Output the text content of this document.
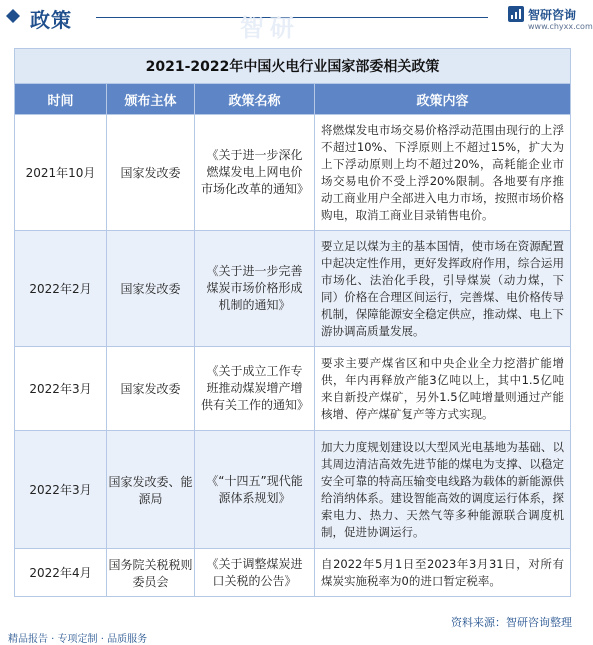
政策	智研	智研咨询
www.chyxx.com
2021-2022年中国火电行业国家部委相关政策			
时间	颁布主体	政策名称	政策内容
2021年10月	国家发改委	《关于进一步深化燃煤发电上网电价市场化改革的通知》	将燃煤发电市场交易价格浮动范围由现行的上浮不超过10%、下浮原则上不超过15%，扩大为上下浮动原则上均不超过20%，高耗能企业市场交易电价不受上浮20%限制。各地要有序推动工商业用户全部进入电力市场，按照市场价格购电，取消工商业目录销售电价。
2022年2月	国家发改委	《关于进一步完善煤炭市场价格形成机制的通知》	要立足以煤为主的基本国情，使市场在资源配置中起决定性作用，更好发挥政府作用，综合运用市场化、法治化手段，引导煤炭（动力煤，下同）价格在合理区间运行，完善煤、电价格传导机制，保障能源安全稳定供应，推动煤、电上下游协调高质量发展。
2022年3月	国家发改委	《关于成立工作专班推动煤炭增产增供有关工作的通知》	要求主要产煤省区和中央企业全力挖潜扩能增供，年内再释放产能3亿吨以上，其中1.5亿吨来自新投产煤矿，另外1.5亿吨增量则通过产能核增、停产煤矿复产等方式实现。
2022年3月	国家发改委、能源局	《“十四五”现代能源体系规划》	加大力度规划建设以大型风光电基地为基础、以其周边清洁高效先进节能的煤电为支撑、以稳定安全可靠的特高压输变电线路为载体的新能源供给消纳体系。建设智能高效的调度运行体系，探索电力、热力、天然气等多种能源联合调度机制，促进协调运行。
2022年4月	国务院关税税则委员会	《关于调整煤炭进口关税的公告》	自2022年5月1日至2023年3月31日，对所有煤炭实施税率为0的进口暂定税率。
资料来源：智研咨询整理
精品报告 · 专项定制 · 品质服务
